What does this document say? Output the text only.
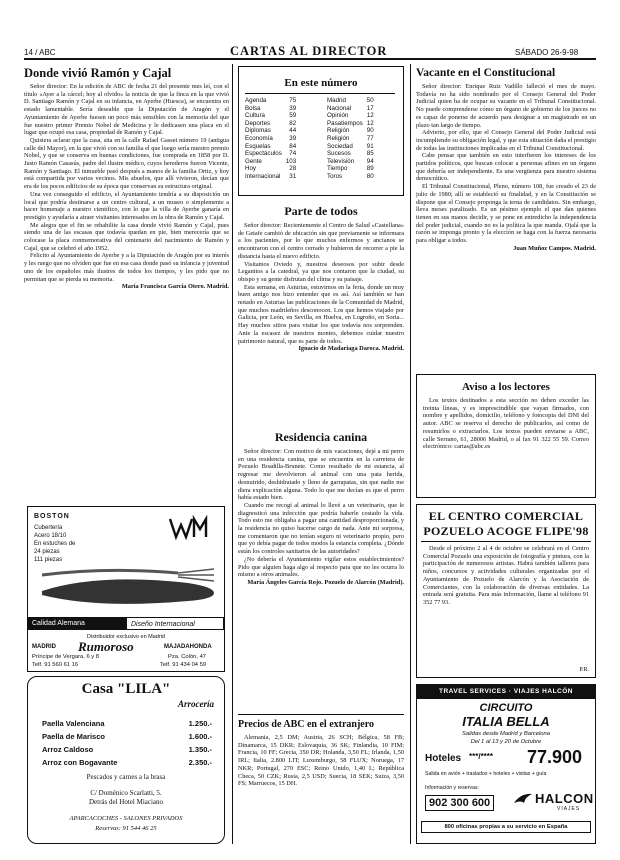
14 / ABC	CARTAS AL DIRECTOR	SÁBADO 26-9-98
Donde vivió Ramón y Cajal

Señor director: En la edición de ABC de fecha 21 del presente mes leí, con el título «Ayer a la cárcel; hoy al olvido» la noticia de que la finca en la que vivió D. Santiago Ramón y Cajal en su infancia, en Ayerbe (Huesca), se encuentra en estado lamentable. Sería deseable que la Diputación de Aragón y el Ayuntamiento de Ayerbe fuesen un poco más sensibles con la memoria del que fue nuestro primer Premio Nobel de Medicina y le dedicasen una placa en el lugar que ocupó esa casa, propiedad de Ramón y Cajal.

Quisiera aclarar que la casa, sita en la calle Rafael Gasset número 19 (antigua calle del Mayor), en la que vivió con su familia el que luego sería nuestro premio Nobel, y que se conserva en buenas condiciones, fue comprada en 1858 por D. Justo Ramón Casasús, padre del ilustre médico, cuyos herederos fueron Vicente, Ramón y Santiago. El inmueble pasó después a manos de la familia Ortiz, y hoy está compartida por varios vecinos. Mis abuelos, que allí vivieron, decían que era de los pocos edificios de su época que conservan su estructura original.

Una vez conseguido el edificio, el Ayuntamiento tendría a su disposición un local que podría destinarse a un centro cultural, a un museo o simplemente a hacer homenaje a nuestro científico, con lo que la villa de Ayerbe ganaría en prestigio y ayudaría a atraer visitantes interesados en la obra de Ramón y Cajal.

Me alegra que el fin se rehabilite la casa donde vivió Ramón y Cajal, pues siendo una de las escasas que todavía quedan en pie, bien merecería que se colocase la placa conmemorativa del centenario del nacimiento de Ramón y Cajal, que se celebró el año 1952.

Felicito al Ayuntamiento de Ayerbe y a la Diputación de Aragón por su interés y les ruego que no olviden que fue en esa casa donde pasó su infancia y juventud uno de los españoles más ilustres de todos los tiempos, y les pido que no permitan que se pierda su memoria.

María Francisca García Otero. Madrid.

BOSTON
Cubertería
Acero 18/10
En estuches de
24 piezas
111 piezas
Calidad Alemana	Diseño Internacional
Distribuidor exclusivo en Madrid
MADRID Rumoroso	MAJADAHONDA
Príncipe de Vergara, 6 y 8	Pza. Colón, 47
Telf. 91 560 61 16	Telf. 91 434 04 59
Casa "LILA"
Arrocería
Paella Valenciana	1.250.-
Paella de Marisco	1.600.-
Arroz Caldoso	1.350.-
Arroz con Bogavante	2.350.-
Pescados y carnes a la brasa
C/ Doménico Scarlatti, 5.
Detrás del Hotel Miaciano
APARCACOCHES - SALONES PRIVADOS
Reservas: 91 544 46 25
En este número
Agenda	75
Bolsa	39
Cultura	59
Deportes	82
Diplomas	44
Economía	39
Esquelas	84
Espectáculos	74
Gente	103
Hoy	28
Internacional	31
Madrid	50
Nacional	17
Opinión	12
Pasatiempos	12
Religión	90
Religión	77
Sociedad	91
Sucesos	85
Televisión	94
Tiempo	89
Toros	80
Parte de todos

Señor director: Recientemente el Centro de Salud «Castellana» de Getafe cambió de ubicación sin que previamente se informara a los pacientes, por lo que muchos enfermos y ancianos se encontraron con el centro cerrado y hubieron de recorrer a pie la distancia hasta el nuevo edificio.

Visitamos Oviedo y, nuestros deseosos por subir desde Leganitos a la catedral, ya que nos contaron que la ciudad, su obispo y su gente disfrutan del clima y su paisaje.

Esta semana, en Asturias, estuvimos en la feria, donde un muy buen amigo nos hizo entender que es así. Así también se han notado en Asturias las publicaciones de la Comunidad de Madrid, que muchos madrileños desconocen. Los que hemos viajado por Galicia, por León, en Sevilla, en Huelva, en Logroño, en Soria... Hay muchos sitios para visitar los que todavía nos sorprenden. Ante la escasez de nuestros montes, debemos cuidar nuestro patrimonio natural, que es parte de todos.

Ignacio de Madariaga Daroca. Madrid.

Residencia canina

Señor director: Con motivo de mis vacaciones, dejé a mi perro en una residencia canina, que se encuentra en la carretera de Pozuelo Boadilla-Brunete. Como resultado de mi estancia, al regresar me devolvieron al animal con una pata herida, desnutrido, deshidratado y lleno de garrapatas, sin que nadie me diera explicación alguna. Todo lo que me decían es que el perro había estado bien.

Cuando me recogí al animal lo llevé a un veterinario, que le diagnosticó una infección que podría haberle costado la vida. Todo esto me obligaba a pagar una cantidad desproporcionada, y la residencia no quiso hacerse cargo de nada. Ante mi sorpresa, me comentaron que no tenían seguro ni veterinario propio, pero que yo debía pagar de todos modos la estancia completa. ¿Dónde están los controles sanitarios de las autoridades?

¿No debería el Ayuntamiento vigilar estos establecimientos? Pido que alguien haga algo al respecto para que no les ocurra lo mismo a otros animales.

María Ángeles García Rojo. Pozuelo de Alarcón (Madrid).

Precios de ABC en el extranjero

Alemania, 2,5 DM; Austria, 26 SCH; Bélgica, 58 FB; Dinamarca, 15 DKR; Eslovaquia, 36 SK; Finlandia, 10 FIM; Francia, 10 FF; Grecia, 350 DR; Holanda, 3,50 FL; Irlanda, 1,50 IRL; Italia, 2.800 LIT; Luxemburgo, 58 FLUX; Noruega, 17 NKR; Portugal, 270 ESC; Reino Unido, 1,40 L; República Checa, 50 CZK; Rusia, 2,5 USD; Suecia, 18 SEK; Suiza, 3,50 FS; Marruecos, 15 DH.

Vacante en el Constitucional

Señor director: Enrique Ruiz Vadillo falleció el mes de mayo. Todavía no ha sido nombrado por el Consejo General del Poder Judicial quien ha de ocupar su vacante en el Tribunal Constitucional. No puede comprenderse cómo un órgano de gobierno de los jueces no es capaz de ponerse de acuerdo para designar a un magistrado en un plazo tan largo de tiempo.

Advierto, por ello, que el Consejo General del Poder Judicial está incumpliendo su obligación legal, y que esta situación daña el prestigio de todas las instituciones implicadas en el Tribunal Constitucional.

Cabe pensar que también en esto interfieren los intereses de los partidos políticos, que buscan colocar a personas afines en un órgano que debería ser independiente. Es una vergüenza para nuestro sistema democrático.

El Tribunal Constitucional, Pleno, número 108, fue creado el 23 de julio de 1980; allí se estableció su finalidad, y en la Constitución se dispone que el Consejo proponga la terna de candidatos. Sin embargo, lleva meses paralizado. Es un pésimo ejemplo el que dan quienes tienen en sus manos decidir, y se pone en entredicho la independencia del poder judicial, cuando no es la política la que manda. Ojalá que la razón se imponga pronto y la elección se haga con la fuerza necesaria para obligar a todos.

Juan Muñoz Campos. Madrid.

Aviso a los lectores

Los textos destinados a esta sección no deben exceder las treinta líneas, y es imprescindible que vayan firmados, con nombre y apellidos, domicilio, teléfono y fotocopia del DNI del autor. ABC se reserva el derecho de publicarlos, así como de resumirlos o extractarlos. Los textos pueden enviarse a ABC, calle Serrano, 61, 28006 Madrid, o al fax 91 322 55 59. Correo electrónico: cartas@abc.es

EL CENTRO COMERCIAL
POZUELO ACOGE FLIPE'98

Desde el próximo 2 al 4 de octubre se celebrará en el Centro Comercial Pozuelo una exposición de fotografía y pintura, con la participación de numerosos artistas. Habrá también talleres para niños, concursos y actividades culturales organizadas por el Ayuntamiento de Pozuelo de Alarcón y la Asociación de Comerciantes, con la colaboración de diversas entidades. La entrada será gratuita. Para más información, llame al teléfono 91 352 77 93.

P.R.
TRAVEL SERVICES · VIAJES HALCÓN
CIRCUITO
ITALIA BELLA
Salidas desde Madrid y Barcelona
Del 1 al 13 y 20 de Octubre
Hoteles ***/**** 77.900
Salida en avión + traslados + hoteles + visitas + guía
Información y reservas:
902 300 600	HALCON
VIAJES
800 oficinas propias a su servicio en España
